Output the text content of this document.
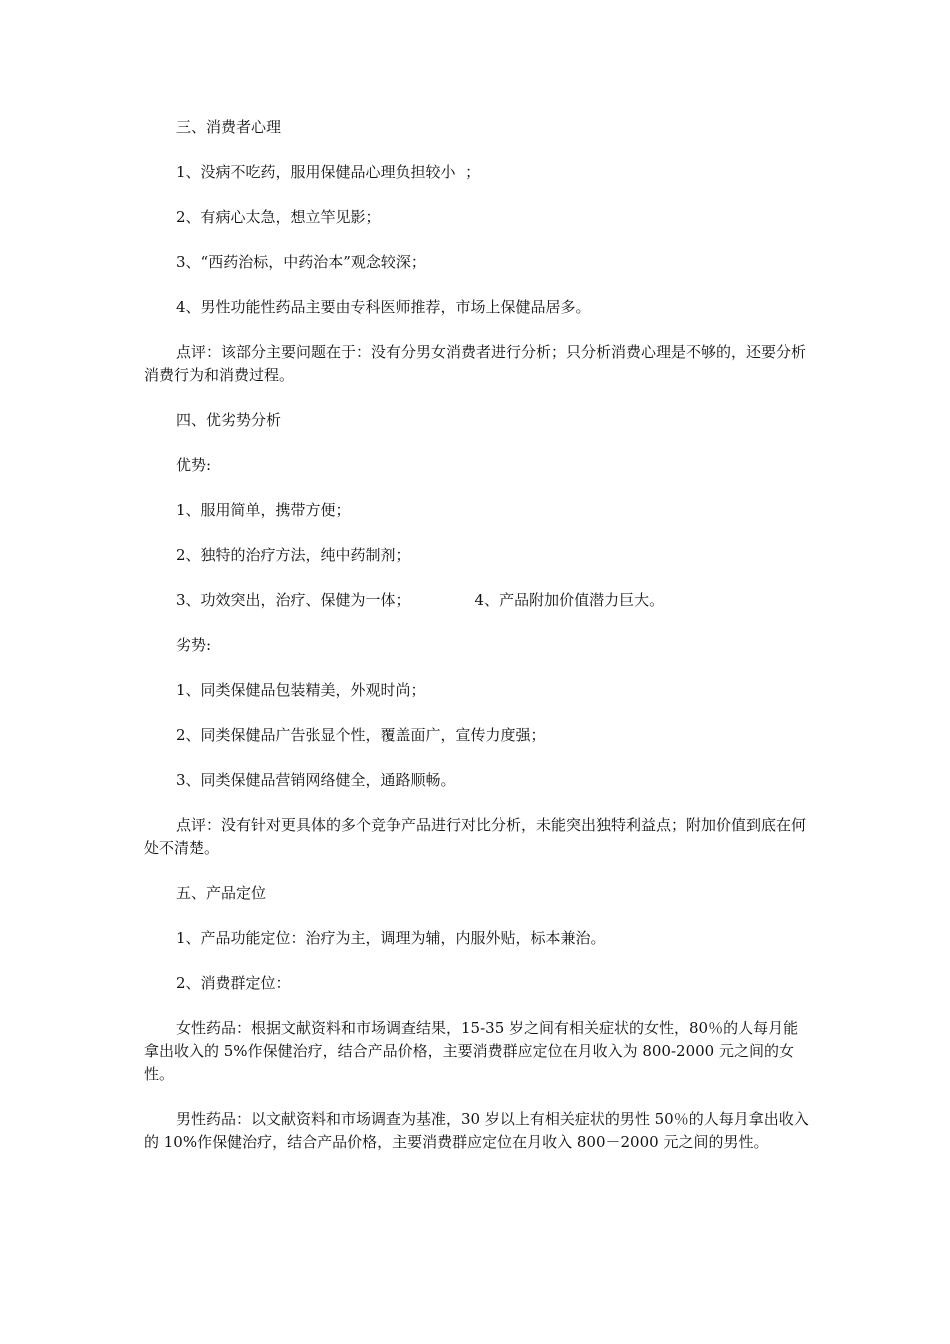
三、消费者心理

1、没病不吃药，服用保健品心理负担较小  ；

2、有病心太急，想立竿见影；

3、“西药治标，中药治本”观念较深；

4、男性功能性药品主要由专科医师推荐，市场上保健品居多。

点评：该部分主要问题在于：没有分男女消费者进行分析；只分析消费心理是不够的，还要分析消费行为和消费过程。

四、优劣势分析

优势:

1、服用简单，携带方便；

2、独特的治疗方法，纯中药制剂；

3、功效突出，治疗、保健为一体；	4、产品附加价值潜力巨大。

劣势:

1、同类保健品包装精美，外观时尚；

2、同类保健品广告张显个性，覆盖面广，宣传力度强；

3、同类保健品营销网络健全，通路顺畅。

点评：没有针对更具体的多个竞争产品进行对比分析，未能突出独特利益点；附加价值到底在何处不清楚。

五、产品定位

1、产品功能定位：治疗为主，调理为辅，内服外贴，标本兼治。

2、消费群定位：

女性药品：根据文献资料和市场调查结果，15-35 岁之间有相关症状的女性，80％的人每月能拿出收入的 5%作保健治疗，结合产品价格，主要消费群应定位在月收入为 800-2000 元之间的女性。

男性药品：以文献资料和市场调查为基准，30 岁以上有相关症状的男性 50％的人每月拿出收入的 10%作保健治疗，结合产品价格，主要消费群应定位在月收入 800－2000 元之间的男性。
